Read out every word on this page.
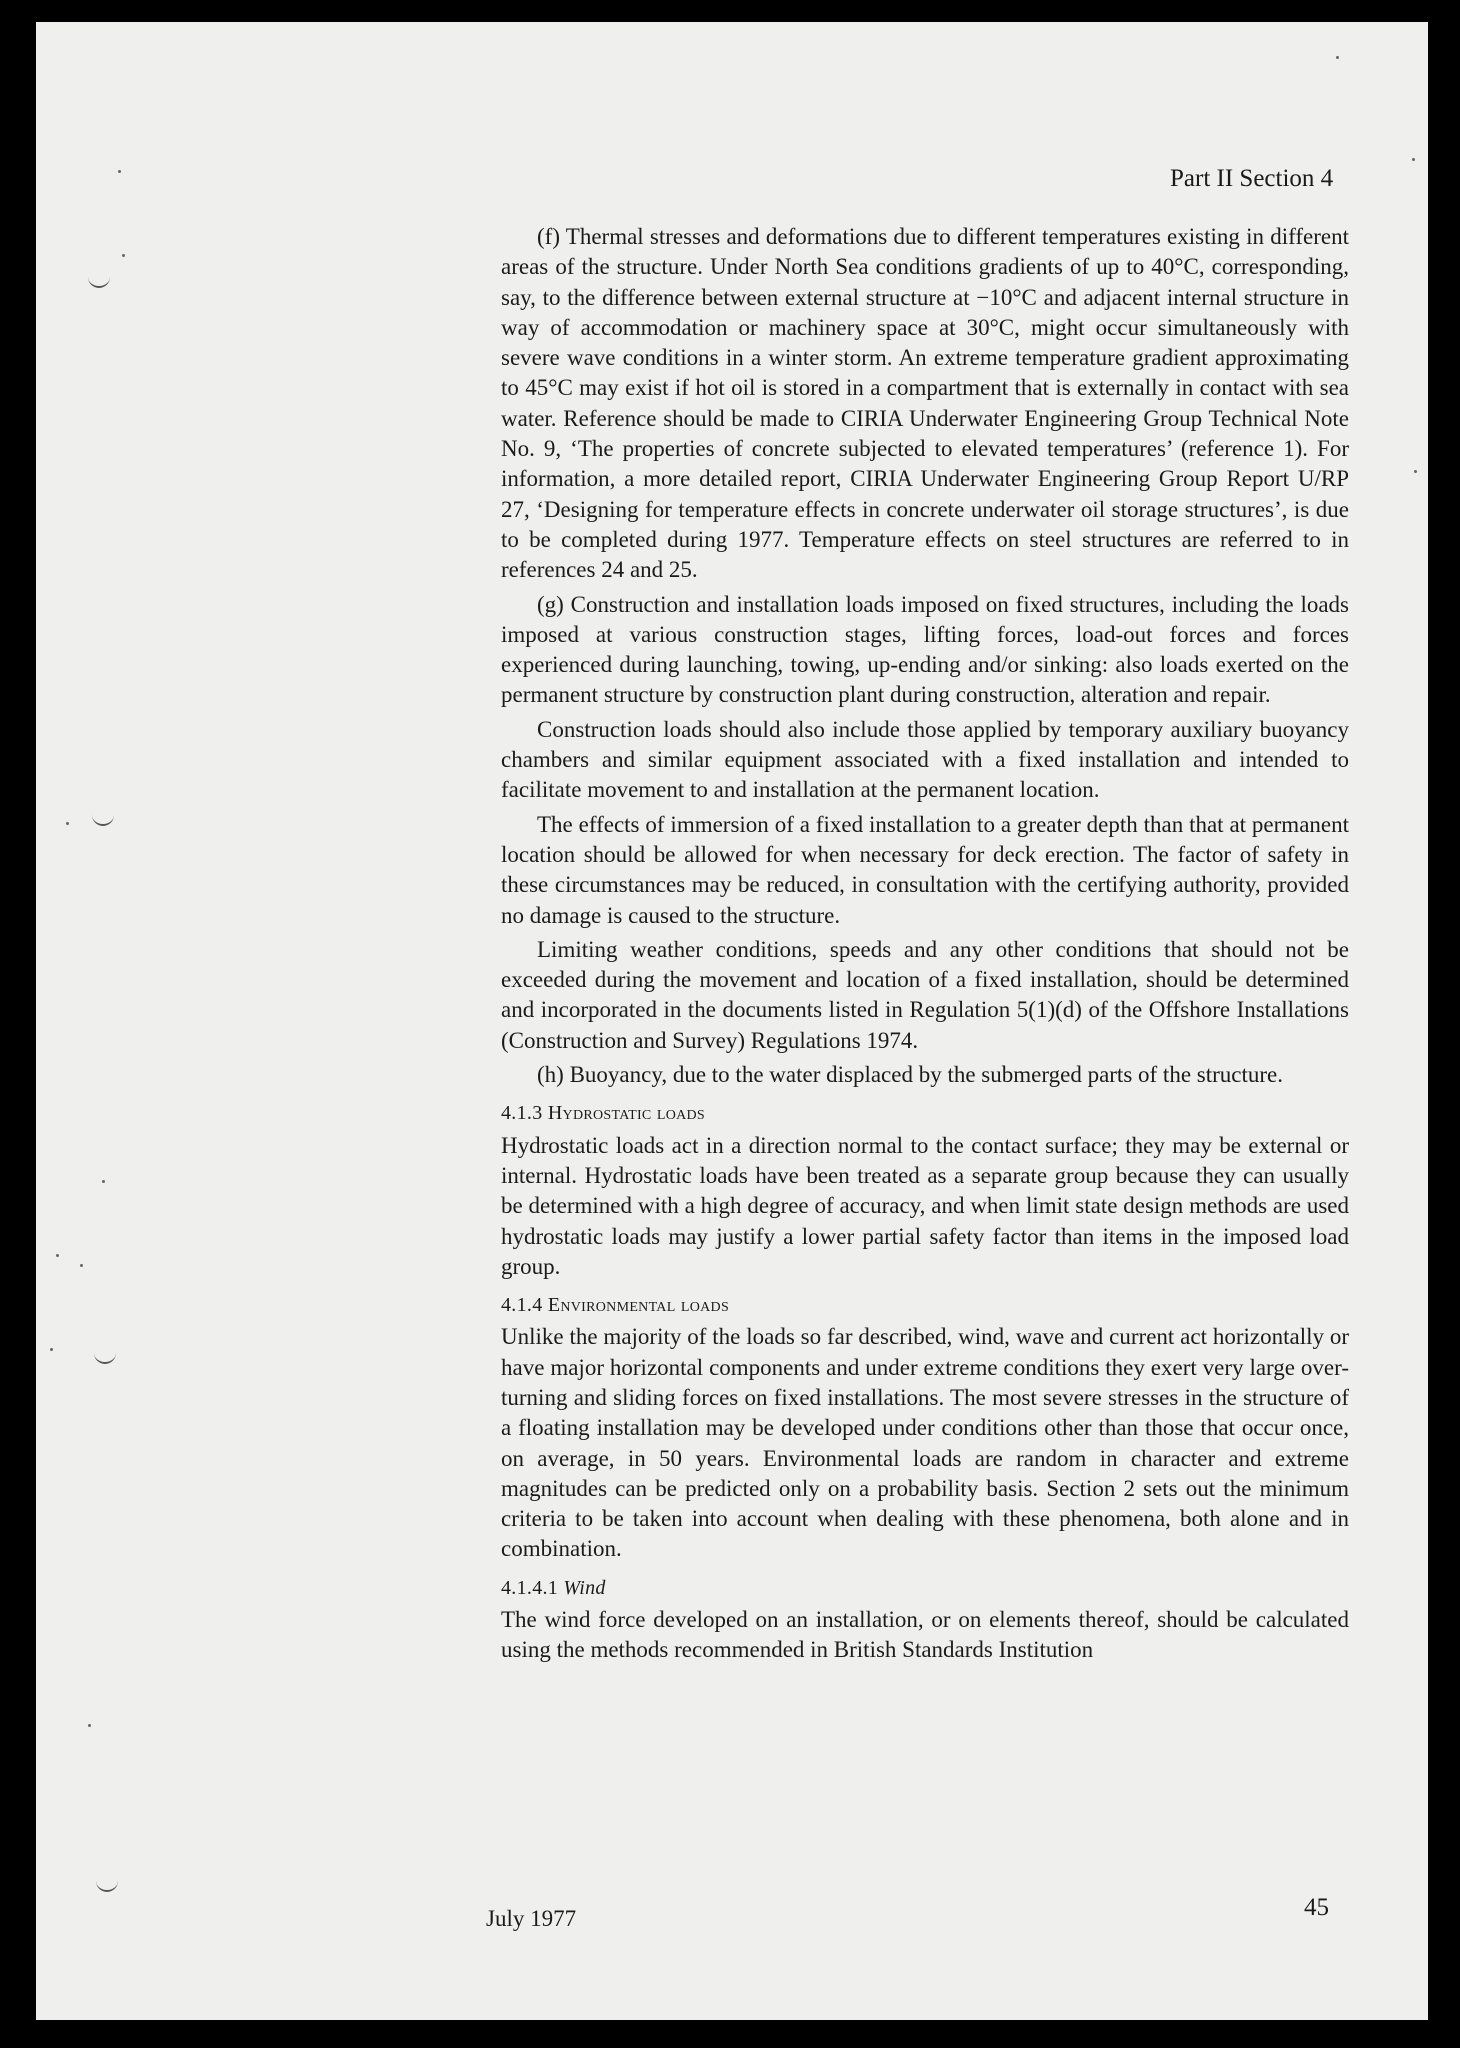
Part II Section 4

(f) Thermal stresses and deformations due to different temperatures existing in different areas of the structure. Under North Sea conditions gradients of up to 40°C, corresponding, say, to the difference between external structure at −10°C and adjacent internal structure in way of accommodation or machinery space at 30°C, might occur simultaneously with severe wave conditions in a winter storm. An extreme temperature gradient approximating to 45°C may exist if hot oil is stored in a compartment that is externally in contact with sea water. Reference should be made to CIRIA Underwater Engineering Group Technical Note No. 9, ‘The properties of concrete subjected to elevated temperatures’ (reference 1). For information, a more detailed report, CIRIA Underwater Engineering Group Report U/RP 27, ‘Designing for temperature effects in concrete underwater oil storage structures’, is due to be completed during 1977. Temperature effects on steel structures are referred to in references 24 and 25.

(g) Construction and installation loads imposed on fixed structures, including the loads imposed at various construction stages, lifting forces, load-out forces and forces experienced during launching, towing, up-ending and/or sinking: also loads exerted on the permanent structure by construction plant during construction, alteration and repair.

Construction loads should also include those applied by temporary auxiliary buoyancy chambers and similar equipment associated with a fixed installation and intended to facilitate movement to and installation at the permanent location.

The effects of immersion of a fixed installation to a greater depth than that at permanent location should be allowed for when necessary for deck erection. The factor of safety in these circumstances may be reduced, in consultation with the certifying authority, provided no damage is caused to the structure.

Limiting weather conditions, speeds and any other conditions that should not be exceeded during the movement and location of a fixed installation, should be determined and incorporated in the documents listed in Regulation 5(1)(d) of the Offshore Installations (Construction and Survey) Regulations 1974.

(h) Buoyancy, due to the water displaced by the submerged parts of the structure.

4.1.3 Hydrostatic loads

Hydrostatic loads act in a direction normal to the contact surface; they may be external or internal. Hydrostatic loads have been treated as a separate group because they can usually be determined with a high degree of accuracy, and when limit state design methods are used hydrostatic loads may justify a lower partial safety factor than items in the imposed load group.

4.1.4 Environmental loads

Unlike the majority of the loads so far described, wind, wave and current act horizontally or have major horizontal components and under extreme conditions they exert very large over-turning and sliding forces on fixed installations. The most severe stresses in the structure of a floating installation may be developed under conditions other than those that occur once, on average, in 50 years. Environmental loads are random in character and extreme magnitudes can be predicted only on a probability basis. Section 2 sets out the minimum criteria to be taken into account when dealing with these phenomena, both alone and in combination.

4.1.4.1 Wind

The wind force developed on an installation, or on elements thereof, should be calculated using the methods recommended in British Standards Institution

July 1977	45
